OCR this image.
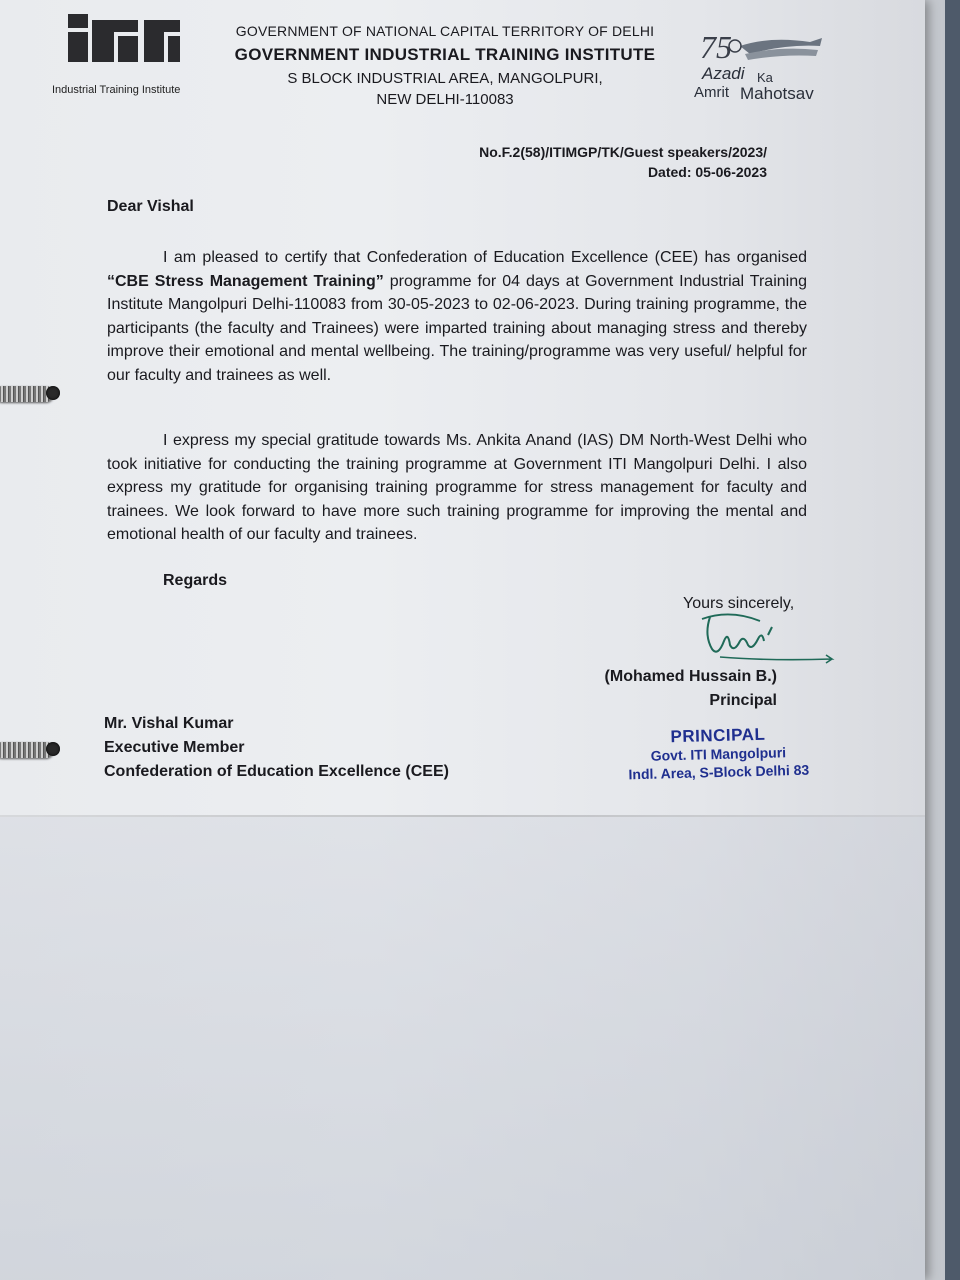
Industrial Training Institute

GOVERNMENT OF NATIONAL CAPITAL TERRITORY OF DELHI

GOVERNMENT INDUSTRIAL TRAINING INSTITUTE

S BLOCK INDUSTRIAL AREA, MANGOLPURI,

NEW DELHI-110083

75
Azadi Ka
Amrit Mahotsav
No.F.2(58)/ITIMGP/TK/Guest speakers/2023/
Dated: 05-06-2023
Dear Vishal

I am pleased to certify that Confederation of Education Excellence (CEE) has organised “CBE Stress Management Training” programme for 04 days at Government Industrial Training Institute Mangolpuri Delhi-110083 from 30-05-2023 to 02-06-2023. During training programme, the participants (the faculty and Trainees) were imparted training about managing stress and thereby improve their emotional and mental wellbeing. The training/programme was very useful/ helpful for our faculty and trainees as well.

I express my special gratitude towards Ms. Ankita Anand (IAS) DM North-West Delhi who took initiative for conducting the training programme at Government ITI Mangolpuri Delhi. I also express my gratitude for organising training programme for stress management for faculty and trainees. We look forward to have more such training programme for improving the mental and emotional health of our faculty and trainees.

Regards
Yours sincerely,
(Mohamed Hussain B.)
Principal
Mr. Vishal Kumar
Executive Member
Confederation of Education Excellence (CEE)
PRINCIPAL
Govt. ITI Mangolpuri
Indl. Area, S-Block Delhi 83
